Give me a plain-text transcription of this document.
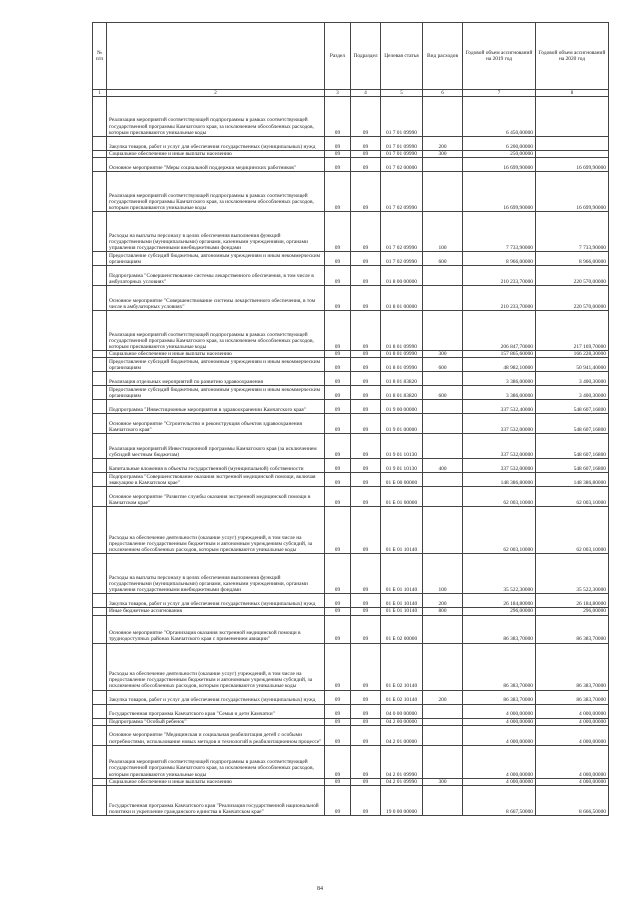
№ п/п		Раздел	Подраздел	Целевая статья	Вид расходов	Годовой объем ассигнований на 2019 год	Годовой объем ассигнований на 2020 год
1	2	3	4	5	6	7	8
	Реализация мероприятий соответствующей подпрограммы в рамках соответствующей государственной программы Камчатского края, за исключением обособленных расходов, которым присваиваются уникальные коды	09	09	01 7 01 09990		6 450,00000	
	Закупка товаров, работ и услуг для обеспечения государственных (муниципальных) нужд	09	09	01 7 01 09990	200	6 200,00000	
	Социальное обеспечение и иные выплаты населению	09	09	01 7 01 09990	300	250,00000	
	Основное мероприятие "Меры социальной поддержки медицинских работников"	09	09	01 7 02 00000		16 699,90000	16 699,90000
	Реализация мероприятий соответствующей подпрограммы в рамках соответствующей государственной программы Камчатского края, за исключением обособленных расходов, которым присваиваются уникальные коды	09	09	01 7 02 09990		16 699,90000	16 699,90000
	Расходы на выплаты персоналу в целях обеспечения выполнения функций государственными (муниципальными) органами, казенными учреждениями, органами управления государственными внебюджетными фондами	09	09	01 7 02 09990	100	7 733,90000	7 733,90000
	Предоставление субсидий бюджетным, автономным учреждениям и иным некоммерческим организациям	09	09	01 7 02 09990	600	8 966,00000	8 966,00000
	Подпрограмма "Совершенствование системы лекарственного обеспечения, в том числе в амбулаторных условиях"	09	09	01 8 00 00000		210 233,70000	220 570,00000
	Основное мероприятие "Совершенствование системы лекарственного обеспечения, в том числе в амбулаторных условиях"	09	09	01 8 01 00000		210 233,70000	220 570,00000
	Реализация мероприятий соответствующей подпрограммы в рамках соответствующей государственной программы Камчатского края, за исключением обособленных расходов, которым присваиваются уникальные коды	09	09	01 8 01 09990		206 847,70000	217 169,70000
	Социальное обеспечение и иные выплаты населению	09	09	01 8 01 09990	300	157 865,60000	166 228,30000
	Предоставление субсидий бюджетным, автономным учреждениям и иным некоммерческим организациям	09	09	01 8 01 09990	600	48 982,10000	50 941,40000
	Реализация отдельных мероприятий по развитию здравоохранения	09	09	01 8 01 83820		3 386,00000	3 400,30000
	Предоставление субсидий бюджетным, автономным учреждениям и иным некоммерческим организациям	09	09	01 8 01 83820	600	3 386,00000	3 400,30000
	Подпрограмма "Инвестиционные мероприятия в здравоохранении Камчатского края"	09	09	01 9 00 00000		337 532,40000	548 607,16800
	Основное мероприятие "Строительство и реконструкция объектов здравоохранения Камчатского края"	09	09	01 9 01 00000		337 532,00000	548 607,16800
	Реализация мероприятий Инвестиционной программы Камчатского края (за исключением субсидий местным бюджетам)	09	09	01 9 01 10130		337 532,00000	548 607,16800
	Капитальные вложения в объекты государственной (муниципальной) собственности	09	09	01 9 01 10130	400	337 532,00000	548 607,16800
	Подпрограмма "Совершенствование оказания экстренной медицинской помощи, включая эвакуацию в Камчатском крае"	09	09	01 Б 00 00000		148 386,80000	148 386,80000
	Основное мероприятие "Развитие службы оказания экстренной медицинской помощи в Камчатском крае"	09	09	01 Б 01 00000		62 003,10000	62 003,10000
	Расходы на обеспечение деятельности (оказание услуг) учреждений, в том числе на предоставление государственным бюджетным и автономным учреждениям субсидий, за исключением обособленных расходов, которым присваиваются уникальные коды	09	09	01 Б 01 10140		62 003,10000	62 003,10000
	Расходы на выплаты персоналу в целях обеспечения выполнения функций государственными (муниципальными) органами, казенными учреждениями, органами управления государственными внебюджетными фондами	09	09	01 Б 01 10140	100	35 522,30000	35 522,30000
	Закупка товаров, работ и услуг для обеспечения государственных (муниципальных) нужд	09	09	01 Б 01 10140	200	26 184,80000	26 184,80000
	Иные бюджетные ассигнования	09	09	01 Б 01 10140	800	296,00000	296,00000
	Основное мероприятие "Организация оказания экстренной медицинской помощи в труднодоступных районах Камчатского края с применением авиации"	09	09	01 Б 02 00000		86 383,70000	86 383,70000
	Расходы на обеспечение деятельности (оказание услуг) учреждений, в том числе на предоставление государственным бюджетным и автономным учреждениям субсидий, за исключением обособленных расходов, которым присваиваются уникальные коды	09	09	01 Б 02 10140		86 383,70000	86 383,70000
	Закупка товаров, работ и услуг для обеспечения государственных (муниципальных) нужд	09	09	01 Б 02 10140	200	86 383,70000	86 383,70000
	Государственная программа Камчатского края "Семья и дети Камчатки"	09	09	04 0 00 00000		4 000,00000	4 000,00000
	Подпрограмма "Особый ребенок"	09	09	04 2 00 00000		4 000,00000	4 000,00000
	Основное мероприятие "Медицинская и социальная реабилитация детей с особыми потребностями, использование новых методов и технологий в реабилитационном процессе"	09	09	04 2 01 00000		4 000,00000	4 000,00000
	Реализация мероприятий соответствующей подпрограммы в рамках соответствующей государственной программы Камчатского края, за исключением обособленных расходов, которым присваиваются уникальные коды	09	09	04 2 01 09990		4 000,00000	4 000,00000
	Социальное обеспечение и иные выплаты населению	09	09	04 2 01 09990	300	4 000,00000	4 000,00000
	Государственная программа Камчатского края "Реализация государственной национальной политики и укрепление гражданского единства в Камчатском крае"	09	09	19 0 00 00000		8 667,50000	8 666,50000
84
